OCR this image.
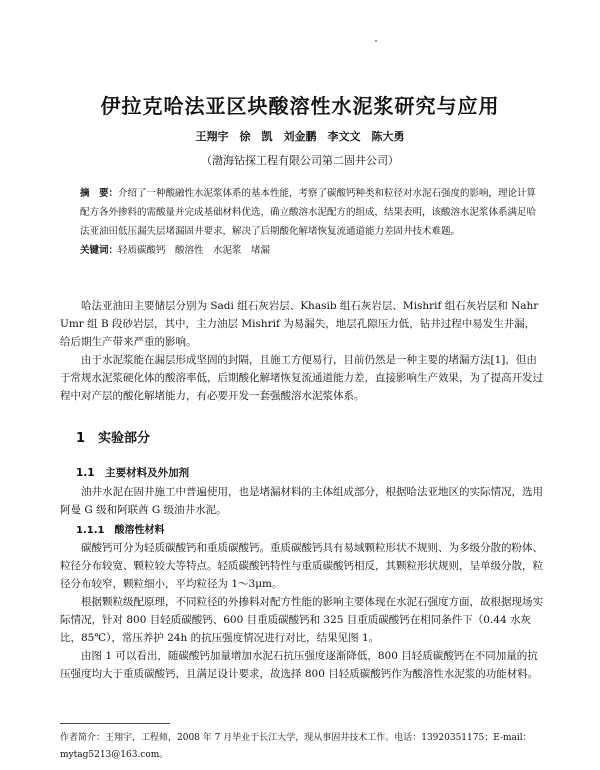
伊拉克哈法亚区块酸溶性水泥浆研究与应用
王翔宇　徐　凯　刘金鹏　李文文　陈大勇
（渤海钻探工程有限公司第二固井公司）
摘　要：介绍了一种酸融性水泥浆体系的基本性能，考察了碳酸钙种类和粒径对水泥石强度的影响，理论计算配方各外掺料的需酸量并完成基础材料优选，确立酸溶水泥配方的组成，结果表明，该酸溶水泥浆体系满足哈法亚油田低压漏失层堵漏固井要求，解决了后期酸化解堵恢复流通道能力差固井技术难题。
关键词：轻质碳酸钙　酸溶性　水泥浆　堵漏

哈法亚油田主要储层分别为 Sadi 组石灰岩层、Khasib 组石灰岩层、Mishrif 组石灰岩层和 Nahr Umr 组 B 段砂岩层，其中，主力油层 Mishrif 为易漏失，地层孔隙压力低，钻井过程中易发生井漏，给后期生产带来严重的影响。

由于水泥浆能在漏层形成坚固的封隔，且施工方便易行，目前仍然是一种主要的堵漏方法[1]，但由于常规水泥浆硬化体的酸溶率低，后期酸化解堵恢复流通道能力差，直接影响生产效果，为了提高开发过程中对产层的酸化解堵能力，有必要开发一套强酸溶水泥浆体系。

1　实验部分
1.1　主要材料及外加剂

油井水泥在固井施工中普遍使用，也是堵漏材料的主体组成部分，根据哈法亚地区的实际情况，选用阿曼 G 级和阿联酋 G 级油井水泥。

1.1.1　酸溶性材料

碳酸钙可分为轻质碳酸钙和重质碳酸钙。重质碳酸钙具有易域颗粒形状不规则、为多级分散的粉体、粒径分布较宽、颗粒较大等特点。轻质碳酸钙特性与重质碳酸钙相反，其颗粒形状规则，呈单级分散，粒径分布较窄，颗粒细小，平均粒径为 1～3μm。

根据颗粒级配原理，不同粒径的外掺料对配方性能的影响主要体现在水泥石强度方面，故根据现场实际情况，针对 800 目轻质碳酸钙、600 目重质碳酸钙和 325 目重质碳酸钙在相同条件下（0.44 水灰比，85℃），常压养护 24h 的抗压强度情况进行对比，结果见图 1。

由图 1 可以看出，随碳酸钙加量增加水泥石抗压强度逐渐降低，800 目轻质碳酸钙在不同加量的抗压强度均大于重质碳酸钙，且满足设计要求，故选择 800 目轻质碳酸钙作为酸溶性水泥浆的功能材料。

作者简介：王翔宇，工程师，2008 年 7 月毕业于长江大学，现从事固井技术工作。电话：13920351175；E-mail：mytag5213@163.com。
